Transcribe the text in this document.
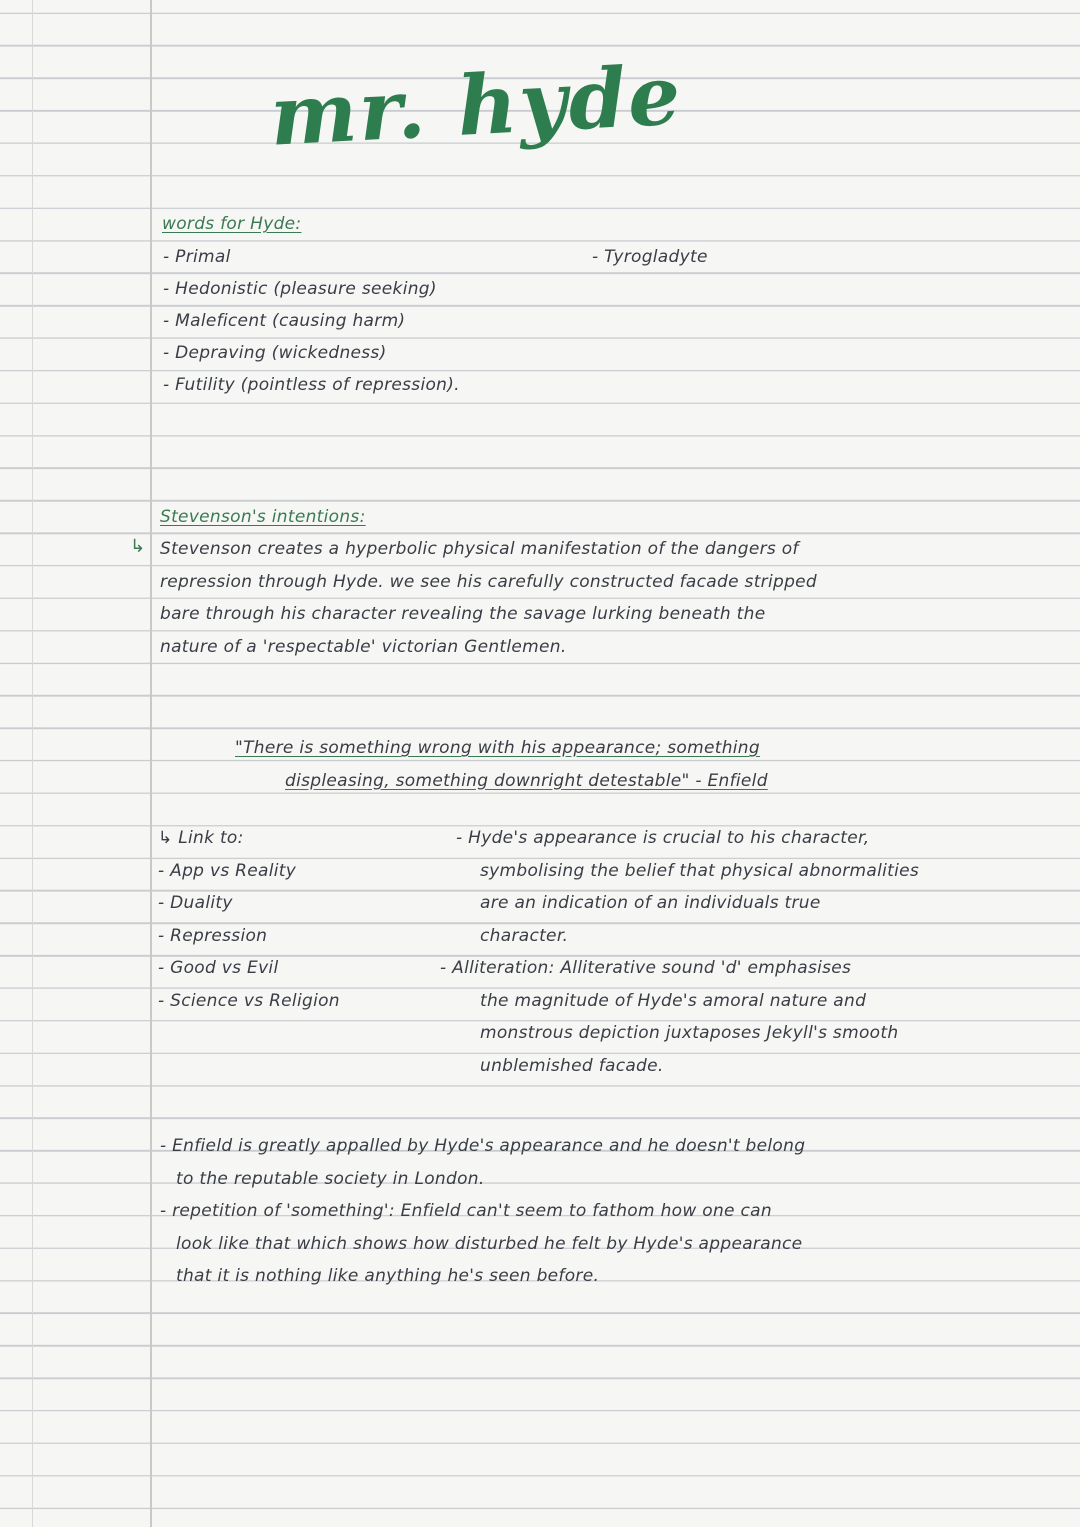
mr. hyde
words for Hyde:
- Primal
- Hedonistic (pleasure seeking)
- Maleficent (causing harm)
- Depraving (wickedness)
- Futility (pointless of repression).
- Tyrogladyte
Stevenson's intentions:
↳ Stevenson creates a hyperbolic physical manifestation of the dangers of
repression through Hyde. we see his carefully constructed facade stripped
bare through his character revealing the savage lurking beneath the
nature of a 'respectable' victorian Gentlemen.
"There is something wrong with his appearance; something
displeasing, something downright detestable" - Enfield
↳ Link to:
- App vs Reality
- Duality
- Repression
- Good vs Evil
- Science vs Religion
- Hyde's appearance is crucial to his character,
symbolising the belief that physical abnormalities
are an indication of an individuals true
character.
- Alliteration: Alliterative sound 'd' emphasises
the magnitude of Hyde's amoral nature and
monstrous depiction juxtaposes Jekyll's smooth
unblemished facade.
- Enfield is greatly appalled by Hyde's appearance and he doesn't belong
to the reputable society in London.
- repetition of 'something': Enfield can't seem to fathom how one can
look like that which shows how disturbed he felt by Hyde's appearance
that it is nothing like anything he's seen before.
